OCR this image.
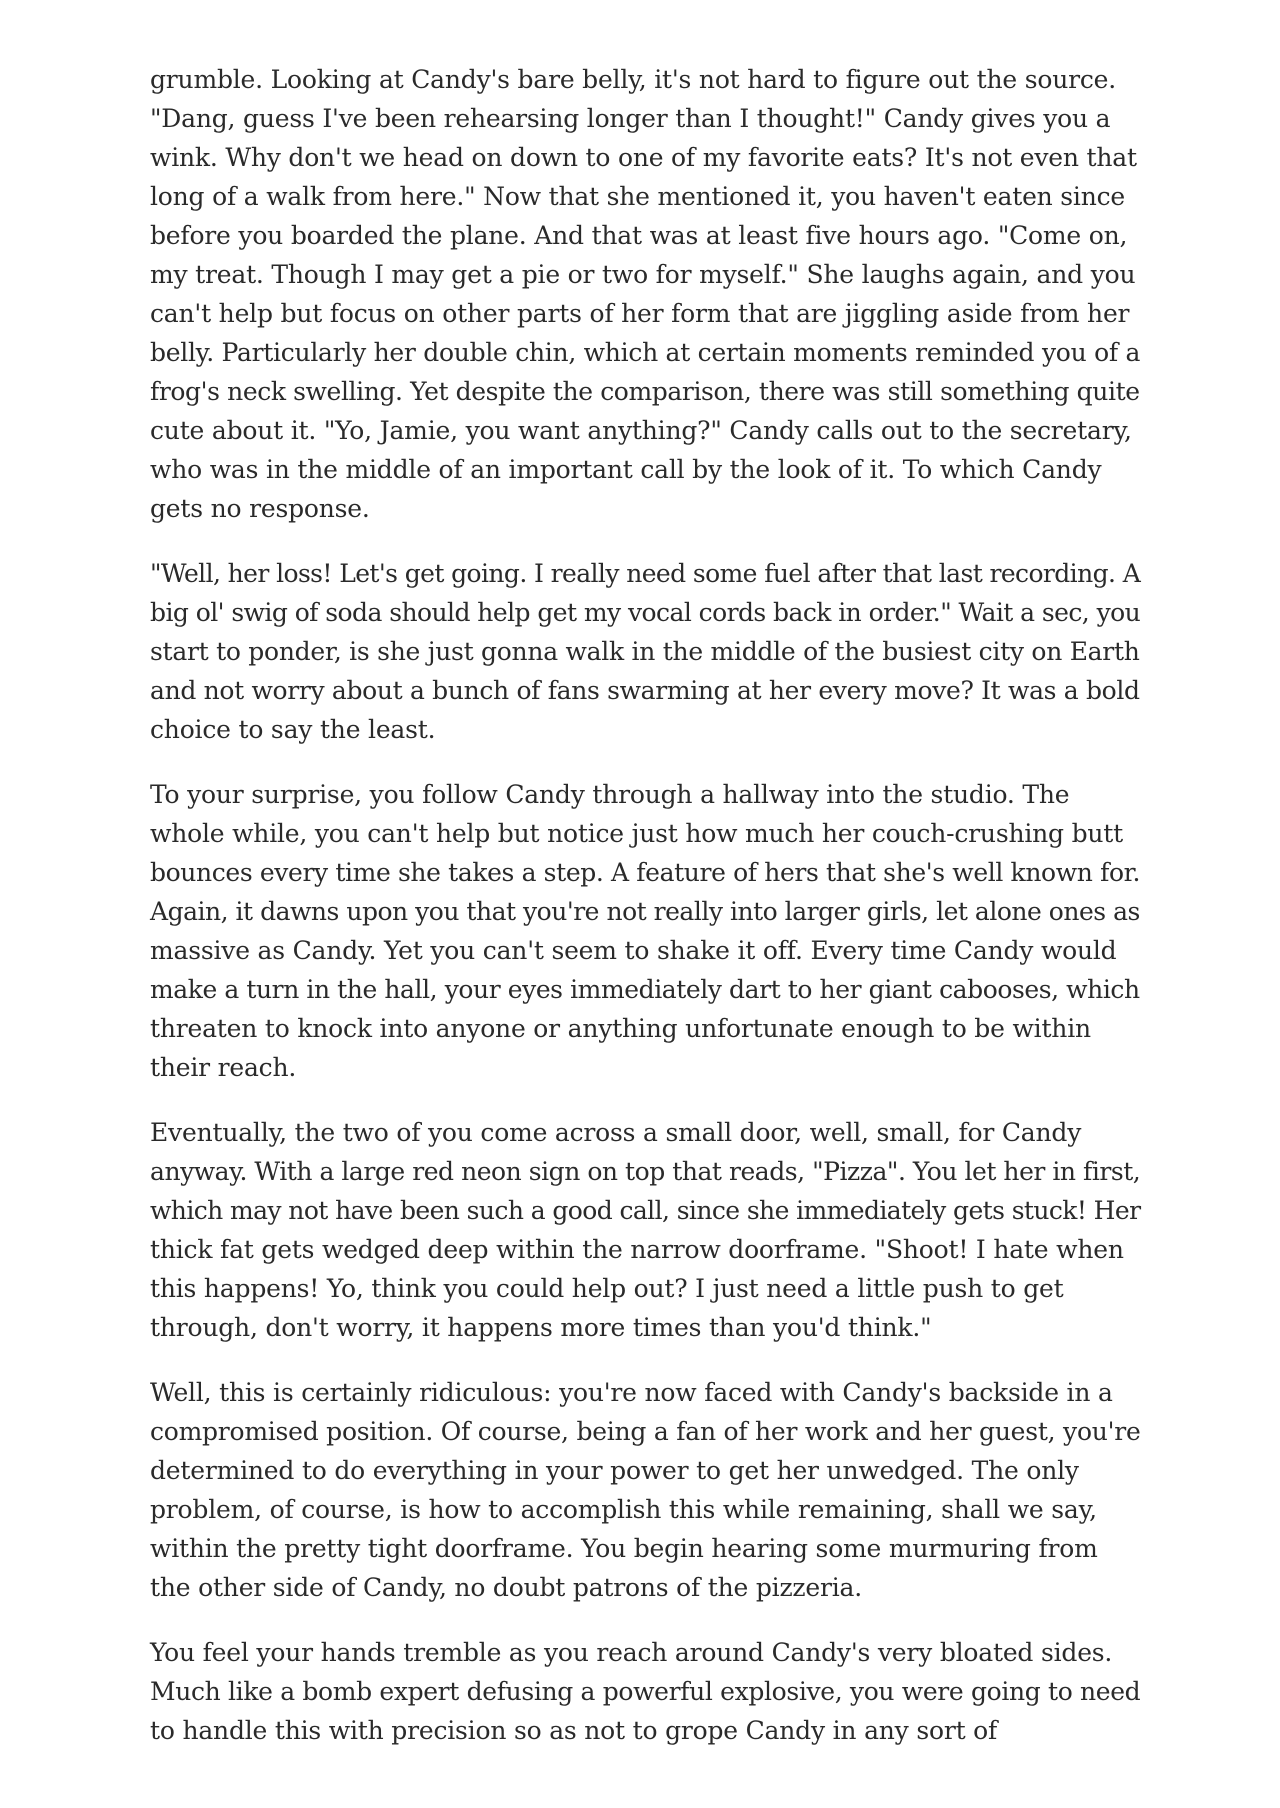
grumble. Looking at Candy's bare belly, it's not hard to figure out the source.
"Dang, guess I've been rehearsing longer than I thought!" Candy gives you a
wink. Why don't we head on down to one of my favorite eats? It's not even that
long of a walk from here." Now that she mentioned it, you haven't eaten since
before you boarded the plane. And that was at least five hours ago. "Come on,
my treat. Though I may get a pie or two for myself." She laughs again, and you
can't help but focus on other parts of her form that are jiggling aside from her
belly. Particularly her double chin, which at certain moments reminded you of a
frog's neck swelling. Yet despite the comparison, there was still something quite
cute about it. "Yo, Jamie, you want anything?" Candy calls out to the secretary,
who was in the middle of an important call by the look of it. To which Candy
gets no response.

"Well, her loss! Let's get going. I really need some fuel after that last recording. A
big ol' swig of soda should help get my vocal cords back in order." Wait a sec, you
start to ponder, is she just gonna walk in the middle of the busiest city on Earth
and not worry about a bunch of fans swarming at her every move? It was a bold
choice to say the least.

To your surprise, you follow Candy through a hallway into the studio. The
whole while, you can't help but notice just how much her couch-crushing butt
bounces every time she takes a step. A feature of hers that she's well known for.
Again, it dawns upon you that you're not really into larger girls, let alone ones as
massive as Candy. Yet you can't seem to shake it off. Every time Candy would
make a turn in the hall, your eyes immediately dart to her giant cabooses, which
threaten to knock into anyone or anything unfortunate enough to be within
their reach.

Eventually, the two of you come across a small door, well, small, for Candy
anyway. With a large red neon sign on top that reads, "Pizza". You let her in first,
which may not have been such a good call, since she immediately gets stuck! Her
thick fat gets wedged deep within the narrow doorframe. "Shoot! I hate when
this happens! Yo, think you could help out? I just need a little push to get
through, don't worry, it happens more times than you'd think."

Well, this is certainly ridiculous: you're now faced with Candy's backside in a
compromised position. Of course, being a fan of her work and her guest, you're
determined to do everything in your power to get her unwedged. The only
problem, of course, is how to accomplish this while remaining, shall we say,
within the pretty tight doorframe. You begin hearing some murmuring from
the other side of Candy, no doubt patrons of the pizzeria.

You feel your hands tremble as you reach around Candy's very bloated sides.
Much like a bomb expert defusing a powerful explosive, you were going to need
to handle this with precision so as not to grope Candy in any sort of
